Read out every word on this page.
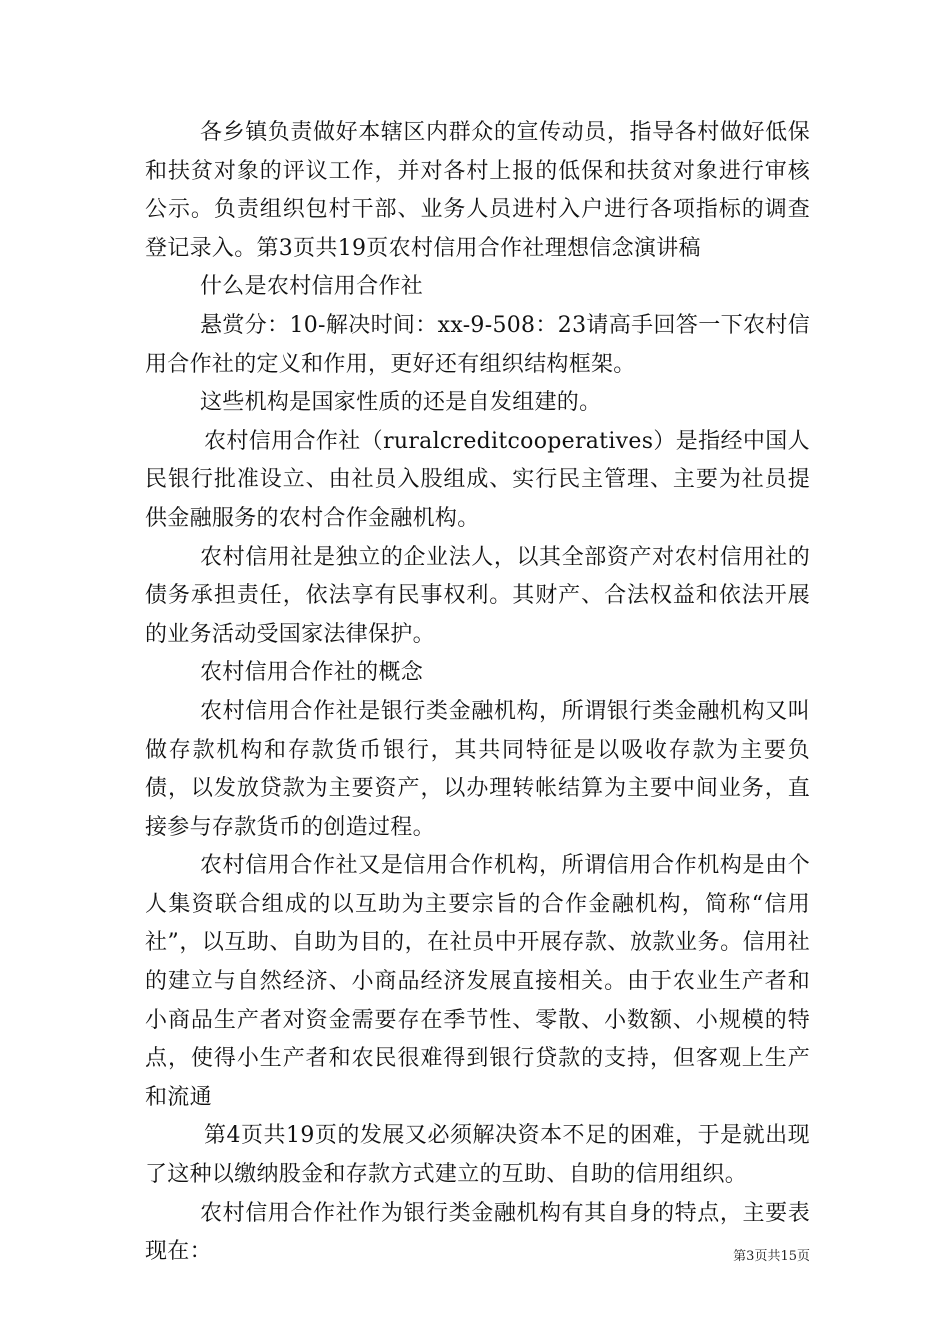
各乡镇负责做好本辖区内群众的宣传动员，指导各村做好低保和扶贫对象的评议工作，并对各村上报的低保和扶贫对象进行审核公示。负责组织包村干部、业务人员进村入户进行各项指标的调查登记录入。第3页共19页农村信用合作社理想信念演讲稿

什么是农村信用合作社

悬赏分：10-解决时间：xx-9-508：23请高手回答一下农村信用合作社的定义和作用，更好还有组织结构框架。

这些机构是国家性质的还是自发组建的。

农村信用合作社（ruralcreditcooperatives）是指经中国人民银行批准设立、由社员入股组成、实行民主管理、主要为社员提供金融服务的农村合作金融机构。

农村信用社是独立的企业法人，以其全部资产对农村信用社的债务承担责任，依法享有民事权利。其财产、合法权益和依法开展的业务活动受国家法律保护。

农村信用合作社的概念

农村信用合作社是银行类金融机构，所谓银行类金融机构又叫做存款机构和存款货币银行，其共同特征是以吸收存款为主要负债，以发放贷款为主要资产，以办理转帐结算为主要中间业务，直接参与存款货币的创造过程。

农村信用合作社又是信用合作机构，所谓信用合作机构是由个人集资联合组成的以互助为主要宗旨的合作金融机构，简称“信用社”，以互助、自助为目的，在社员中开展存款、放款业务。信用社的建立与自然经济、小商品经济发展直接相关。由于农业生产者和小商品生产者对资金需要存在季节性、零散、小数额、小规模的特点，使得小生产者和农民很难得到银行贷款的支持，但客观上生产和流通

第4页共19页的发展又必须解决资本不足的困难，于是就出现了这种以缴纳股金和存款方式建立的互助、自助的信用组织。

农村信用合作社作为银行类金融机构有其自身的特点，主要表现在：	第3页共15页
